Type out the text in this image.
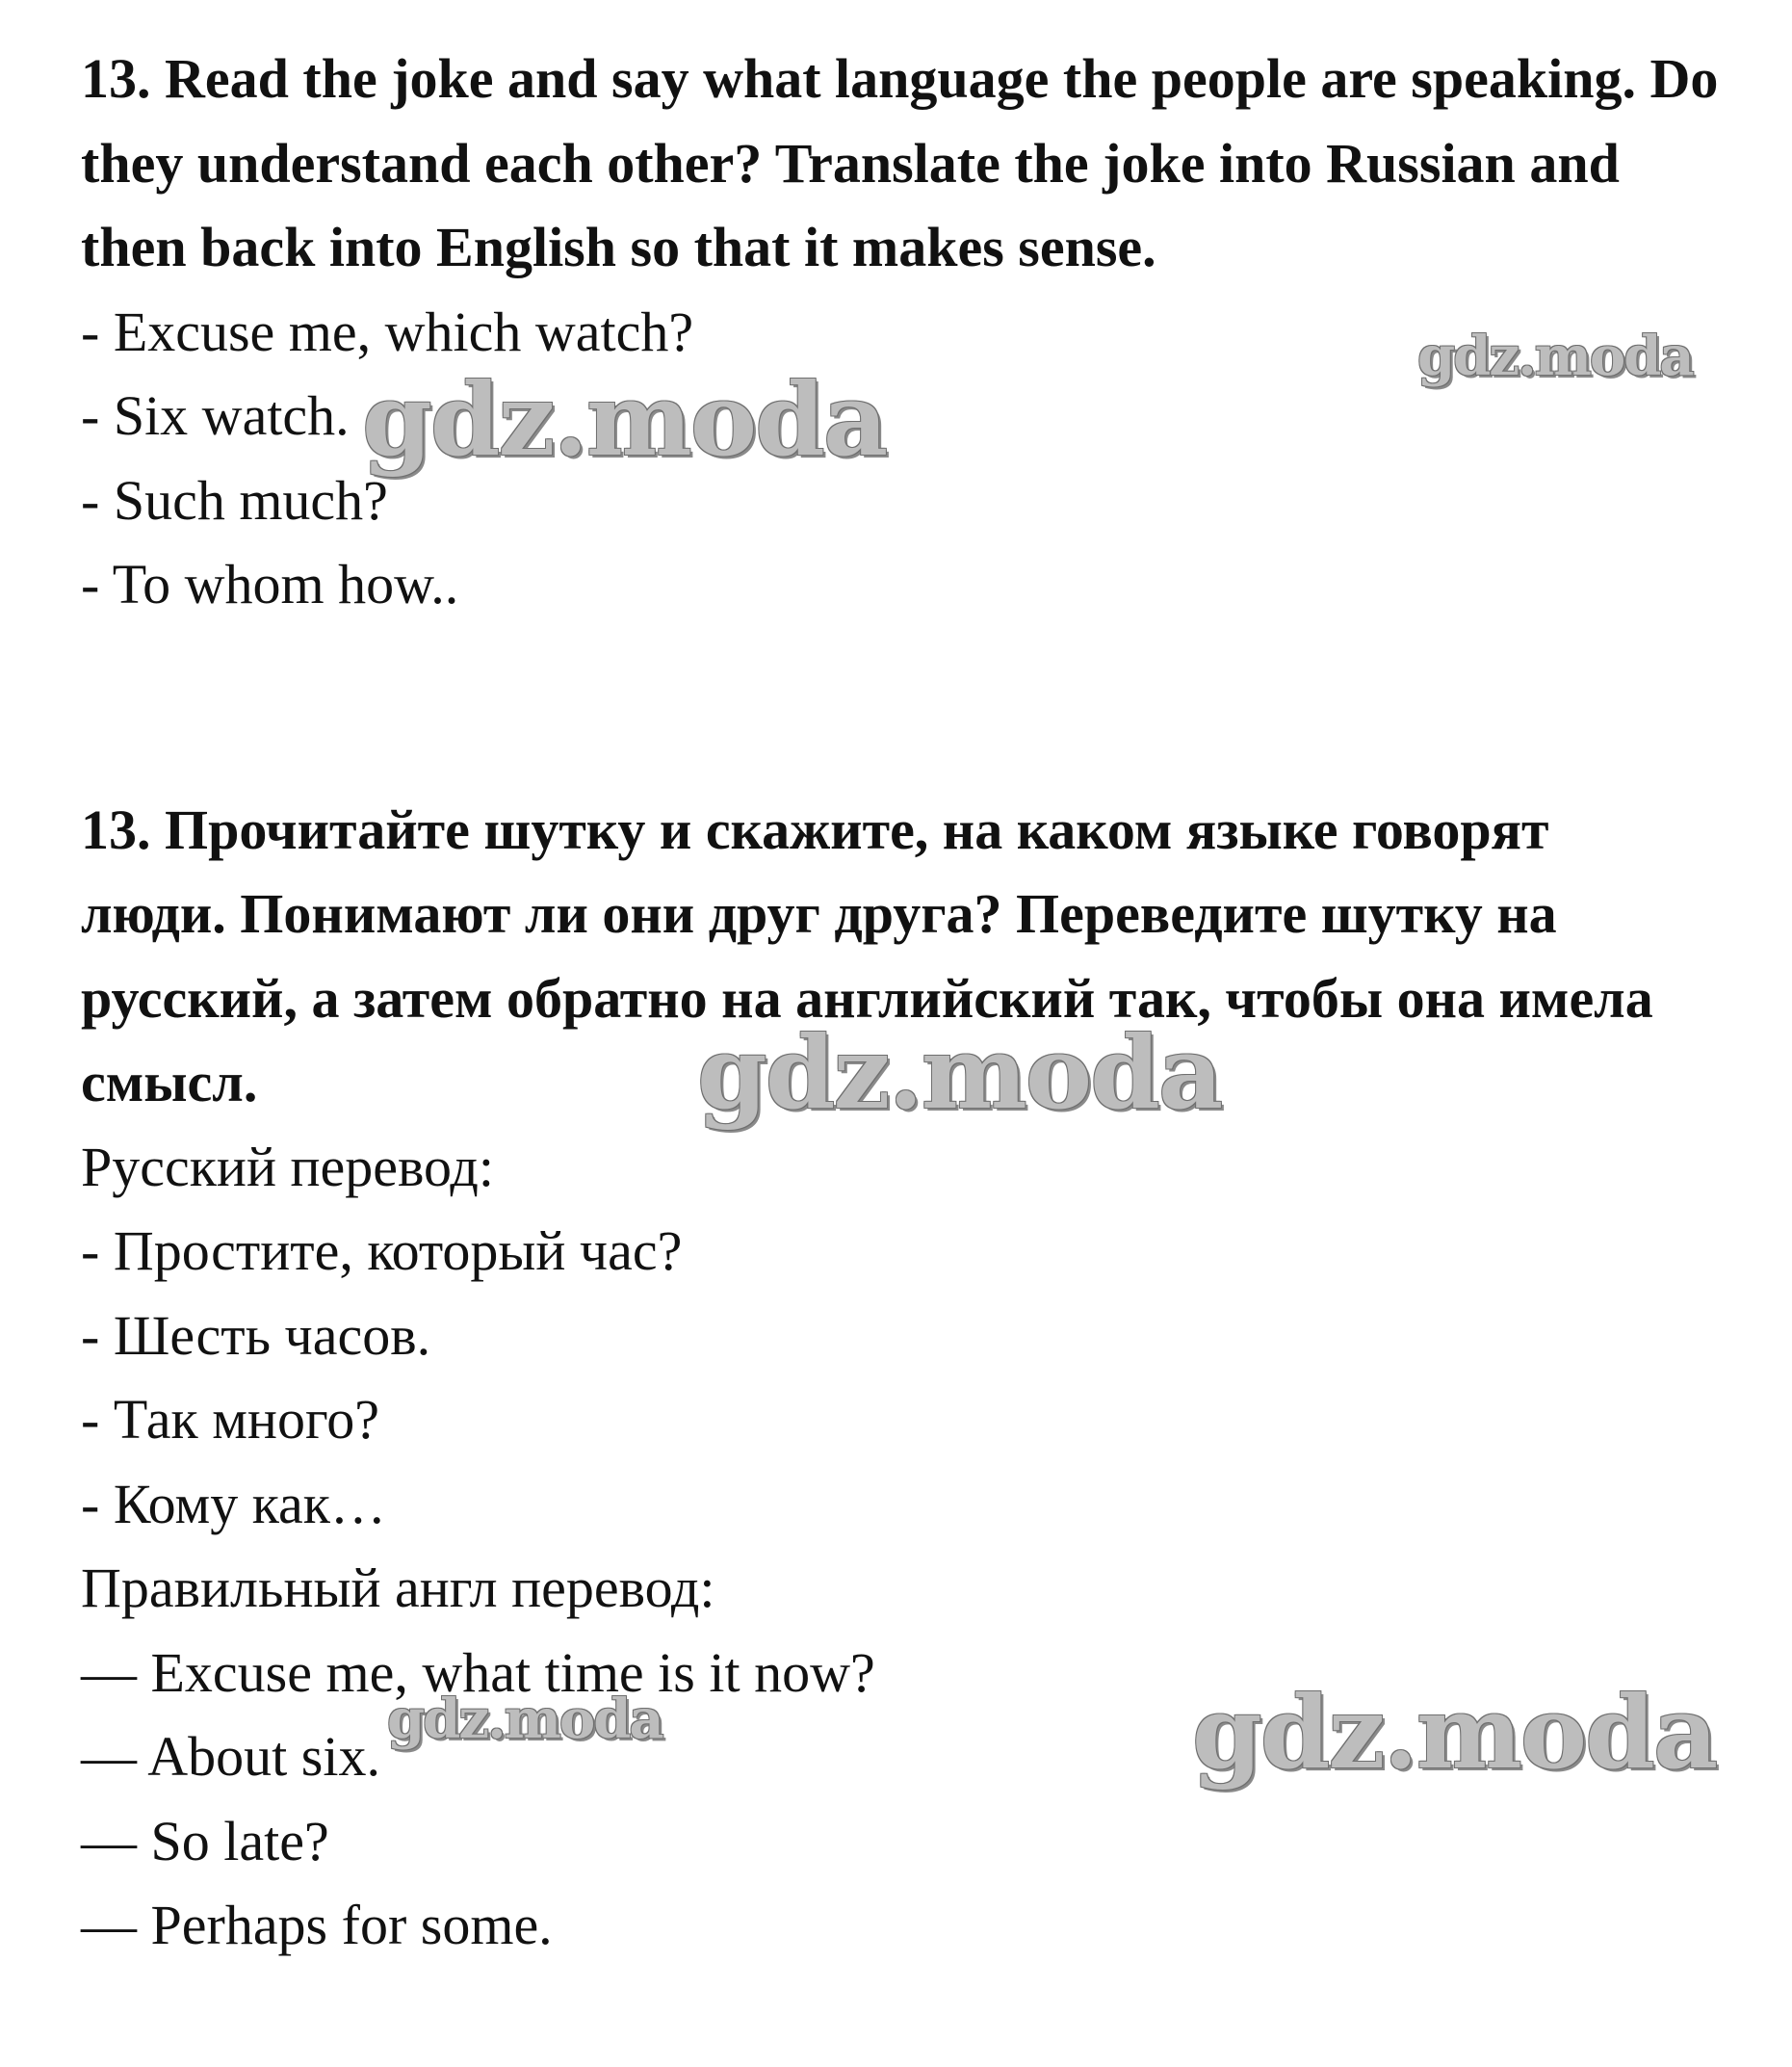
13. Read the joke and say what language the people are speaking. Do
they understand each other? Translate the joke into Russian and
then back into English so that it makes sense.
- Excuse me, which watch?
- Six watch.
- Such much?
- To whom how..
13. Прочитайте шутку и скажите, на каком языке говорят
люди. Понимают ли они друг друга? Переведите шутку на
русский, а затем обратно на английский так, чтобы она имела
смысл.
Русский перевод:
- Простите, который час?
- Шесть часов.
- Так много?
- Кому как…
Правильный англ перевод:
— Excuse me, what time is it now?
— About six.
— So late?
— Perhaps for some.
gdz.moda
gdz.moda
gdz.moda
gdz.moda	gdz.moda
